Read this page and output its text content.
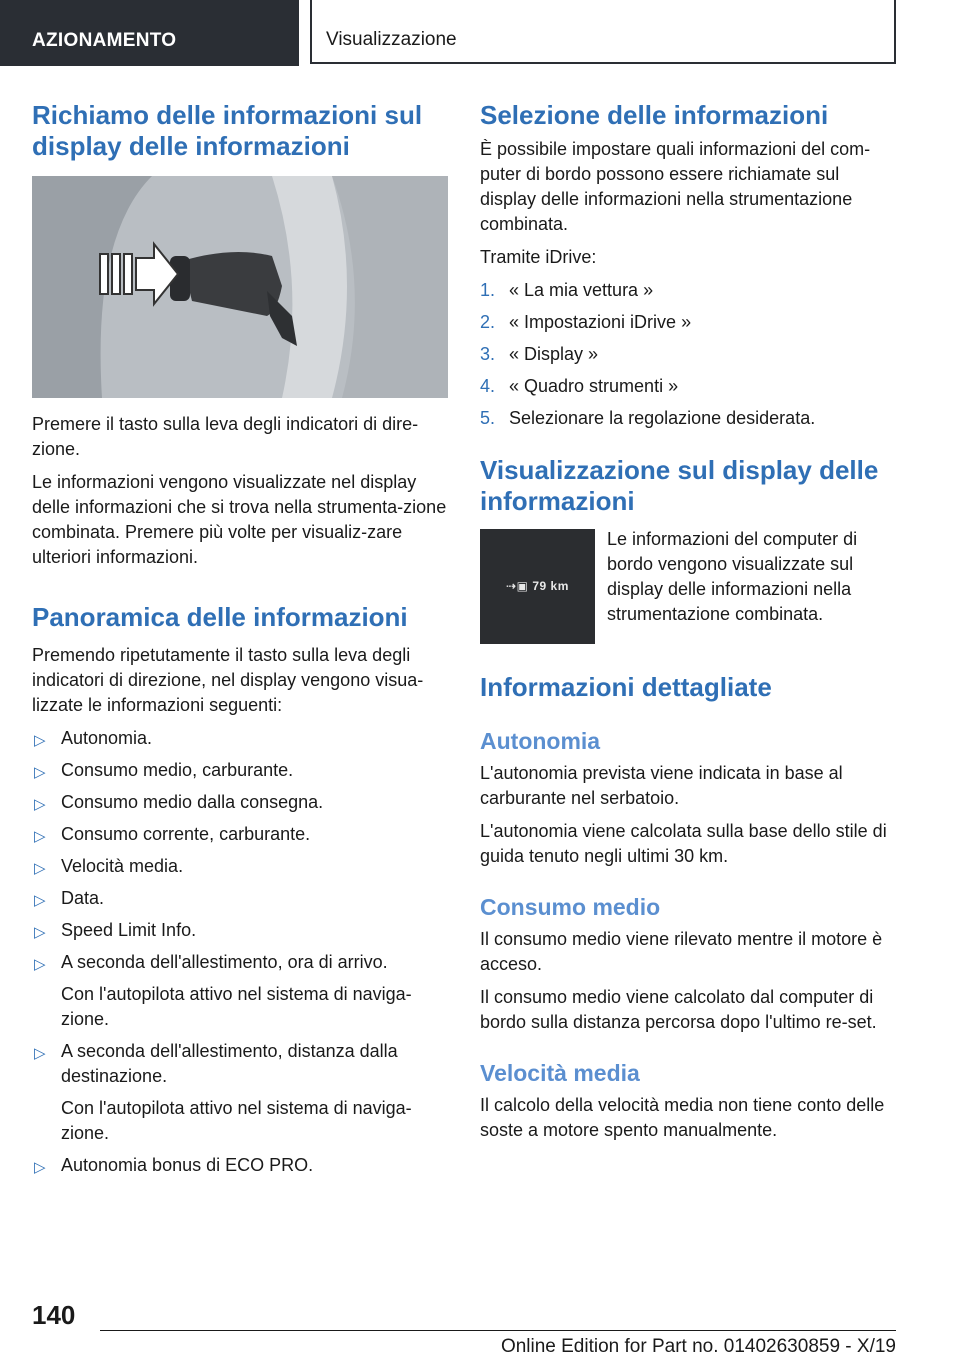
AZIONAMENTO	Visualizzazione
Richiamo delle informazioni sul display delle informazioni

Premere il tasto sulla leva degli indicatori di dire-zione.

Le informazioni vengono visualizzate nel display delle informazioni che si trova nella strumenta-zione combinata. Premere più volte per visualiz-zare ulteriori informazioni.

Panoramica delle informazioni

Premendo ripetutamente il tasto sulla leva degli indicatori di direzione, nel display vengono visua-lizzate le informazioni seguenti:

▷ Autonomia.
▷ Consumo medio, carburante.
▷ Consumo medio dalla consegna.
▷ Consumo corrente, carburante.
▷ Velocità media.
▷ Data.
▷ Speed Limit Info.
▷ A seconda dell'allestimento, ora di arrivo.
Con l'autopilota attivo nel sistema di naviga-zione.
▷ A seconda dell'allestimento, distanza dalla destinazione.
Con l'autopilota attivo nel sistema di naviga-zione.
▷ Autonomia bonus di ECO PRO.
Selezione delle informazioni

È possibile impostare quali informazioni del com-puter di bordo possono essere richiamate sul display delle informazioni nella strumentazione combinata.

Tramite iDrive:

1. « La mia vettura »
2. « Impostazioni iDrive »
3. « Display »
4. « Quadro strumenti »
5. Selezionare la regolazione desiderata.
Visualizzazione sul display delle informazioni
⇢▣ 79 km
Le informazioni del computer di bordo vengono visualizzate sul display delle informazioni nella strumentazione combinata.
Informazioni dettagliate
Autonomia

L'autonomia prevista viene indicata in base al carburante nel serbatoio.

L'autonomia viene calcolata sulla base dello stile di guida tenuto negli ultimi 30 km.

Consumo medio

Il consumo medio viene rilevato mentre il motore è acceso.

Il consumo medio viene calcolato dal computer di bordo sulla distanza percorsa dopo l'ultimo re-set.

Velocità media

Il calcolo della velocità media non tiene conto delle soste a motore spento manualmente.

140
Online Edition for Part no. 01402630859 - X/19
